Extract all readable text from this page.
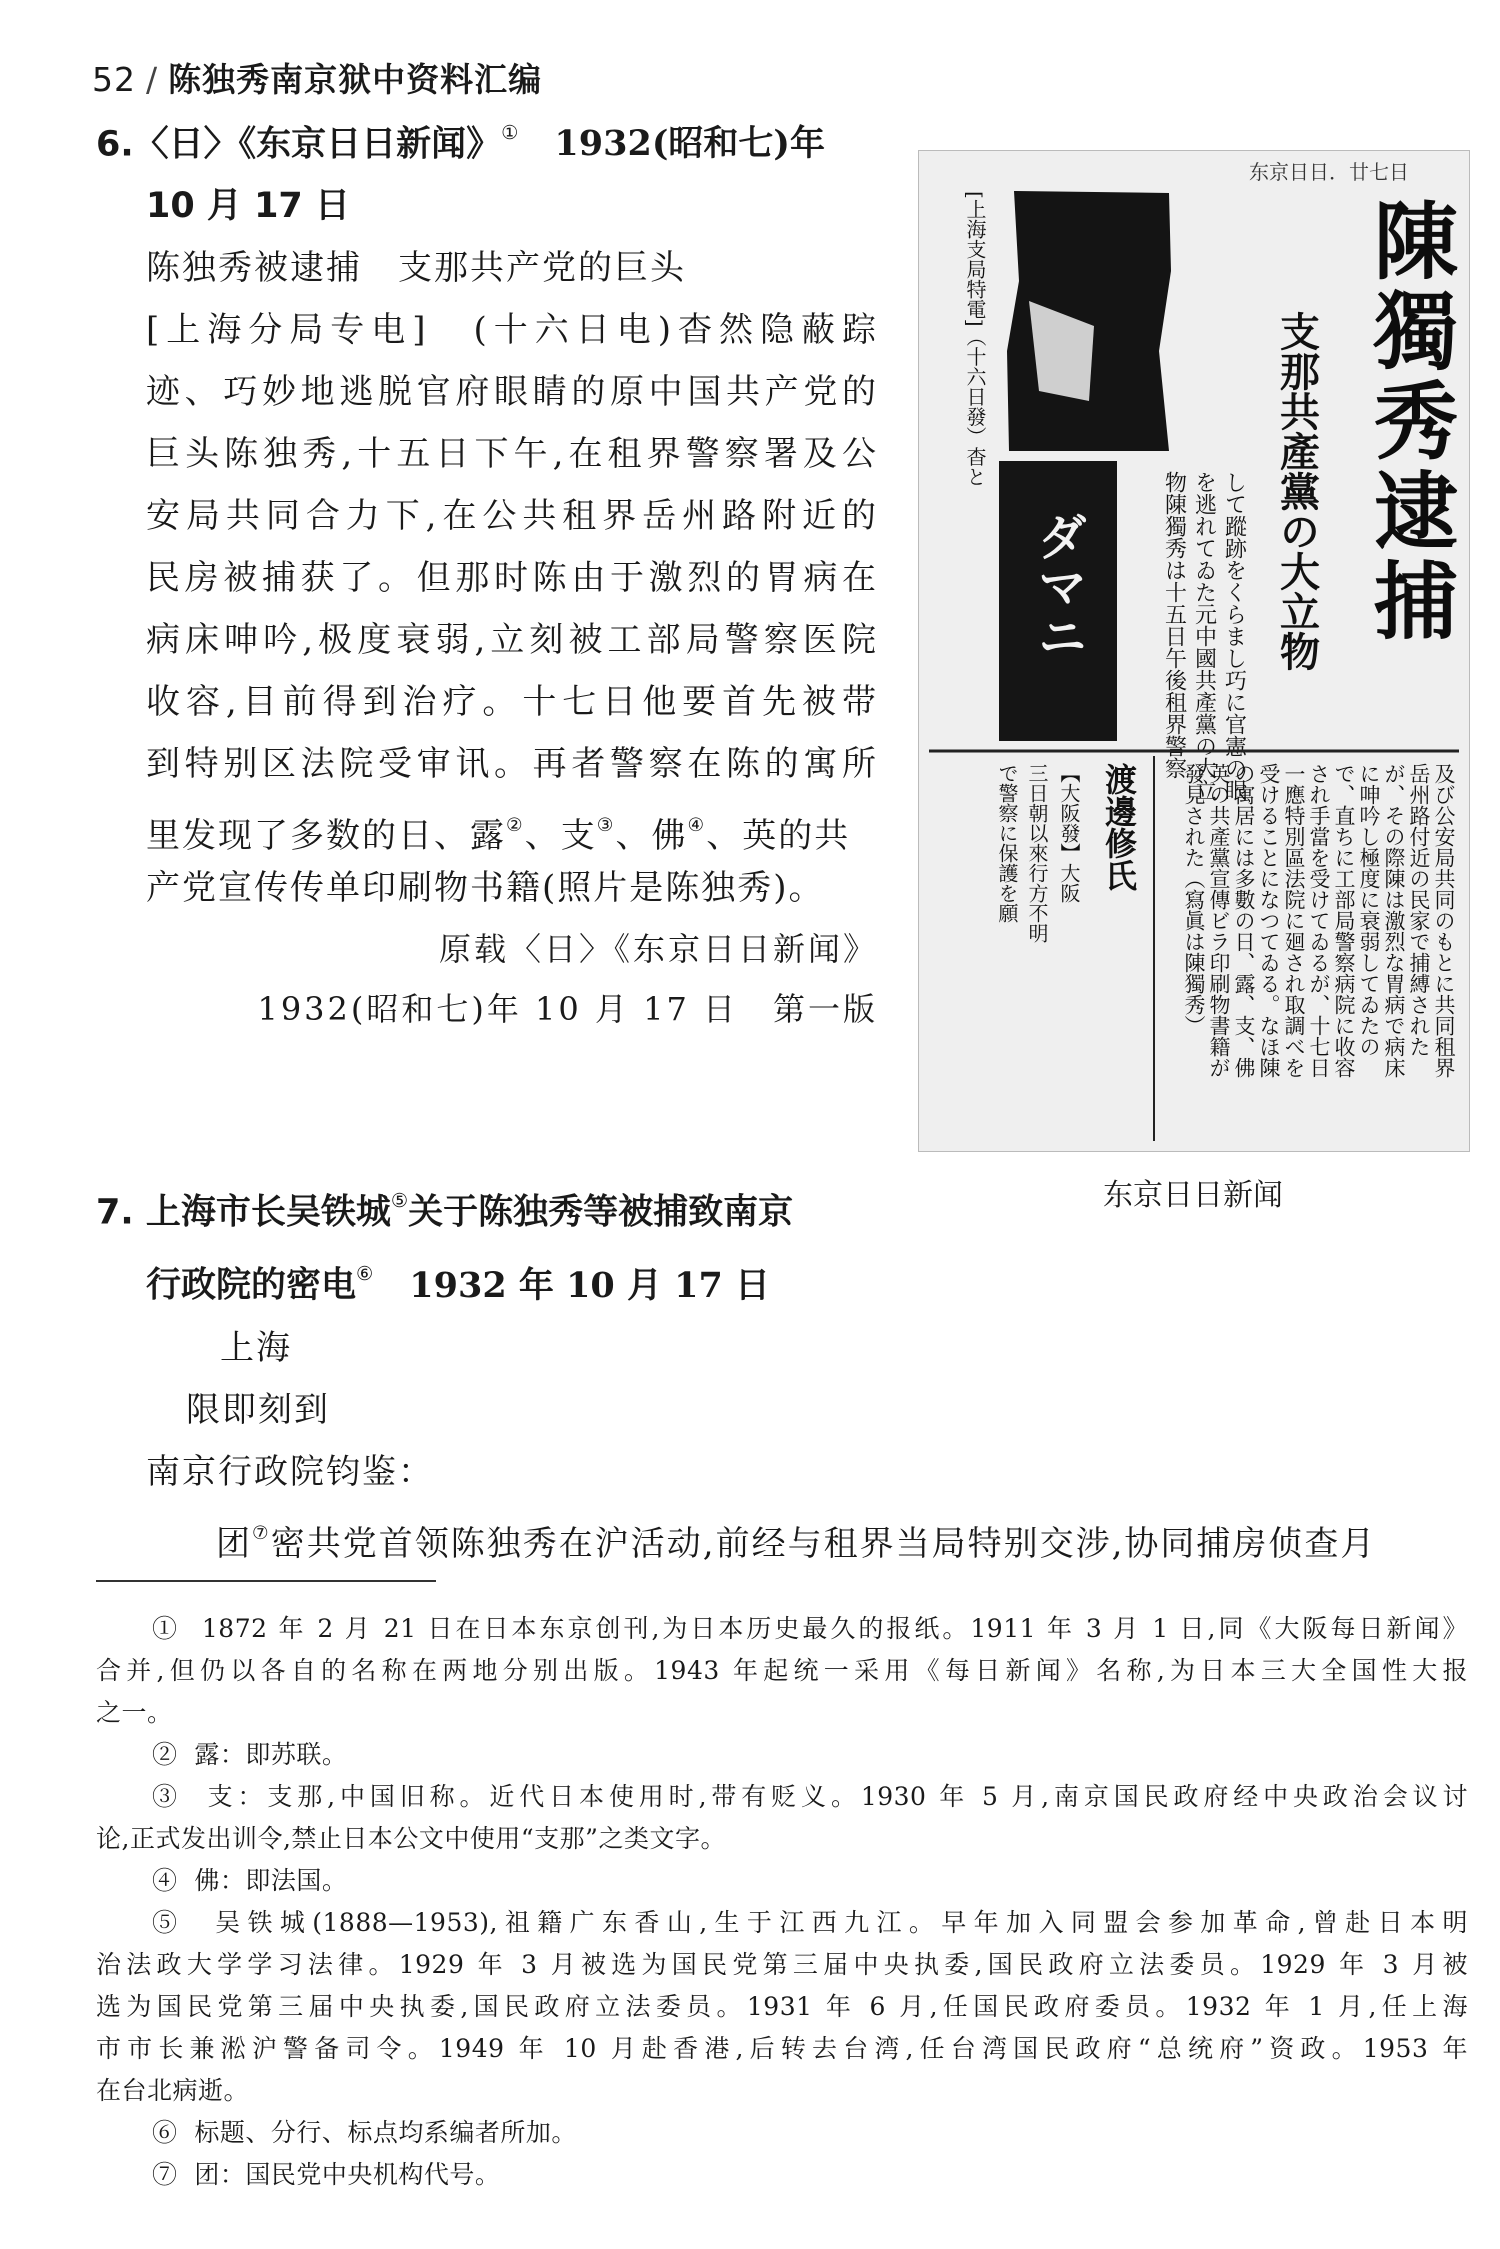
52 / 陈独秀南京狱中资料汇编
6.〈日〉《东京日日新闻》① 1932(昭和七)年
10 月 17 日
陈独秀被逮捕　支那共产党的巨头
[上海分局专电]　(十六日电)杳然隐蔽踪
迹、巧妙地逃脱官府眼睛的原中国共产党的
巨头陈独秀,十五日下午,在租界警察署及公
安局共同合力下,在公共租界岳州路附近的
民房被捕获了。但那时陈由于激烈的胃病在
病床呻吟,极度衰弱,立刻被工部局警察医院
收容,目前得到治疗。十七日他要首先被带
到特别区法院受审讯。再者警察在陈的寓所
里发现了多数的日、露②、支③、佛④、英的共
产党宣传传单印刷物书籍(照片是陈独秀)。
原载〈日〉《东京日日新闻》
1932(昭和七)年 10 月 17 日　第一版
东京日日．廿七日
[上海支局特電]（十六日發）杳と	陳
獨
秀
逮
捕
支那共產黨の大立物
して蹤跡をくらまし巧に官憲の眼
を逃れてゐた元中國共產黨の大立
物陳獨秀は十五日午後租界警察
ダマニ
及び公安局共同のもとに共同租界
岳州路付近の民家で捕縛された
が、その際陳は激烈な胃病で病床
に呻吟し極度に衰弱してゐたの
で、直ちに工部局警察病院に收容
され手當を受けてゐるが、十七日
一應特別區法院に廻され取調べを
受けることになつてゐる。なほ陳
の寓居には多數の日、露、支、佛
英の共產黨宣傳ビラ印刷物書籍が
發見された（寫眞は陳獨秀）
渡邊修氏
【大阪發】大阪
三日朝以來行方不明
で警察に保護を願
东京日日新闻
7. 上海市长吴铁城⑤关于陈独秀等被捕致南京
行政院的密电⑥ 1932 年 10 月 17 日
上海
限即刻到
南京行政院钧鉴：
团⑦密共党首领陈独秀在沪活动,前经与租界当局特别交涉,协同捕房侦查月
① 1872 年 2 月 21 日在日本东京创刊,为日本历史最久的报纸。1911 年 3 月 1 日,同《大阪每日新闻》
合并,但仍以各自的名称在两地分别出版。1943 年起统一采用《每日新闻》名称,为日本三大全国性大报
之一。
② 露：即苏联。
③ 支：支那,中国旧称。近代日本使用时,带有贬义。1930 年 5 月,南京国民政府经中央政治会议讨
论,正式发出训令,禁止日本公文中使用“支那”之类文字。
④ 佛：即法国。
⑤ 吴铁城(1888—1953),祖籍广东香山,生于江西九江。早年加入同盟会参加革命,曾赴日本明
治法政大学学习法律。1929 年 3 月被选为国民党第三届中央执委,国民政府立法委员。1929 年 3 月被
选为国民党第三届中央执委,国民政府立法委员。1931 年 6 月,任国民政府委员。1932 年 1 月,任上海
市市长兼淞沪警备司令。1949 年 10 月赴香港,后转去台湾,任台湾国民政府“总统府”资政。1953 年
在台北病逝。
⑥ 标题、分行、标点均系编者所加。
⑦ 团：国民党中央机构代号。
